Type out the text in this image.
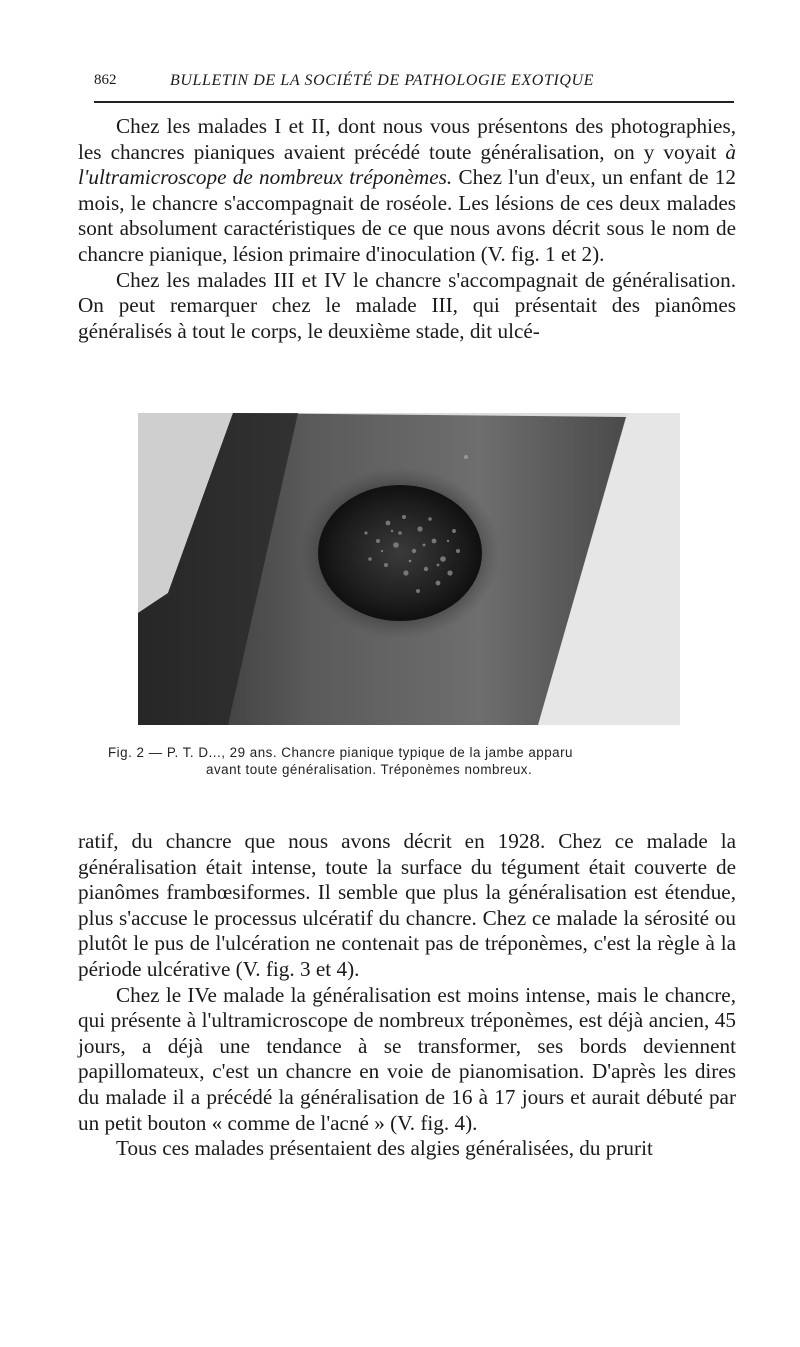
862	BULLETIN DE LA SOCIÉTÉ DE PATHOLOGIE EXOTIQUE

Chez les malades I et II, dont nous vous présentons des photographies, les chancres pianiques avaient précédé toute généralisation, on y voyait à l'ultramicroscope de nombreux tréponèmes. Chez l'un d'eux, un enfant de 12 mois, le chancre s'accompagnait de roséole. Les lésions de ces deux malades sont absolument caractéristiques de ce que nous avons décrit sous le nom de chancre pianique, lésion primaire d'inoculation (V. fig. 1 et 2).

Chez les malades III et IV le chancre s'accompagnait de généralisation. On peut remarquer chez le malade III, qui présentait des pianômes généralisés à tout le corps, le deuxième stade, dit ulcé-

Fig. 2 — P. T. D..., 29 ans. Chancre pianique typique de la jambe apparu
avant toute généralisation. Tréponèmes nombreux.

ratif, du chancre que nous avons décrit en 1928. Chez ce malade la généralisation était intense, toute la surface du tégument était couverte de pianômes frambœsiformes. Il semble que plus la généralisation est étendue, plus s'accuse le processus ulcératif du chancre. Chez ce malade la sérosité ou plutôt le pus de l'ulcération ne contenait pas de tréponèmes, c'est la règle à la période ulcérative (V. fig. 3 et 4).

Chez le IVe malade la généralisation est moins intense, mais le chancre, qui présente à l'ultramicroscope de nombreux tréponèmes, est déjà ancien, 45 jours, a déjà une tendance à se transformer, ses bords deviennent papillomateux, c'est un chancre en voie de pianomisation. D'après les dires du malade il a précédé la généralisation de 16 à 17 jours et aurait débuté par un petit bouton « comme de l'acné » (V. fig. 4).

Tous ces malades présentaient des algies généralisées, du prurit
